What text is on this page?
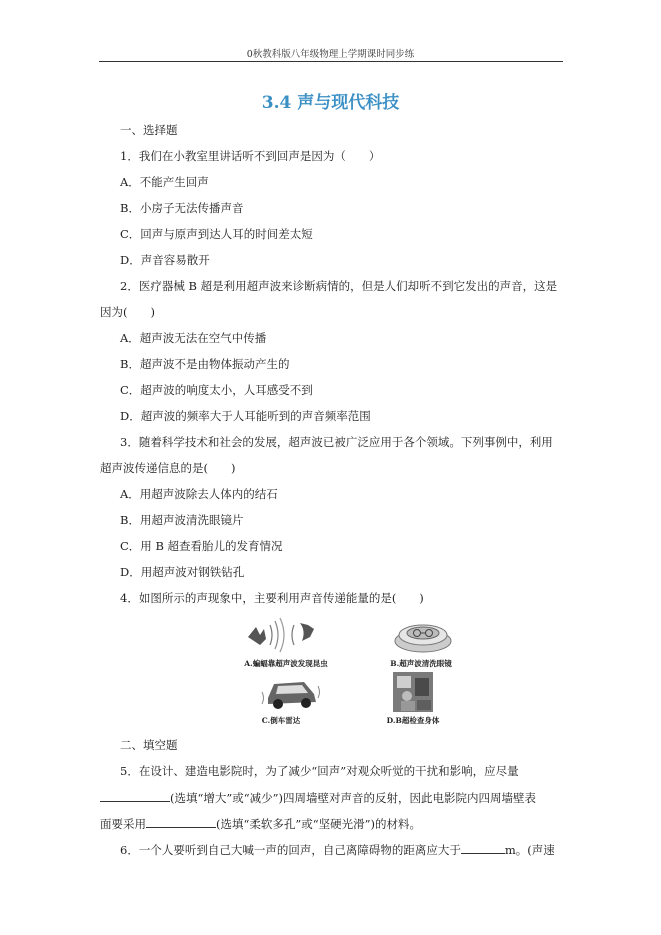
0秋教科版八年级物理上学期课时同步练
3.4 声与现代科技
一、选择题
1．我们在小教室里讲话听不到回声是因为（　　）
A．不能产生回声
B．小房子无法传播声音
C．回声与原声到达人耳的时间差太短
D．声音容易散开
2．医疗器械 B 超是利用超声波来诊断病情的，但是人们却听不到它发出的声音，这是
因为(　　)
A．超声波无法在空气中传播
B．超声波不是由物体振动产生的
C．超声波的响度太小，人耳感受不到
D．超声波的频率大于人耳能听到的声音频率范围
3．随着科学技术和社会的发展，超声波已被广泛应用于各个领域。下列事例中，利用
超声波传递信息的是(　　)
A．用超声波除去人体内的结石
B．用超声波清洗眼镜片
C．用 B 超查看胎儿的发育情况
D．用超声波对钢铁钻孔
4．如图所示的声现象中，主要利用声音传递能量的是(　　)
A.蝙蝠靠超声波发现昆虫	B.超声波清洗眼镜
C.倒车雷达	D.B超检查身体
二、填空题
5．在设计、建造电影院时，为了减少“回声”对观众听觉的干扰和影响，应尽量
(选填“增大”或“减少”)四周墙壁对声音的反射，因此电影院内四周墙壁表
面要采用	(选填“柔软多孔”或“坚硬光滑”)的材料。
6．一个人要听到自己大喊一声的回声，自己离障碍物的距离应大于	m。(声速
